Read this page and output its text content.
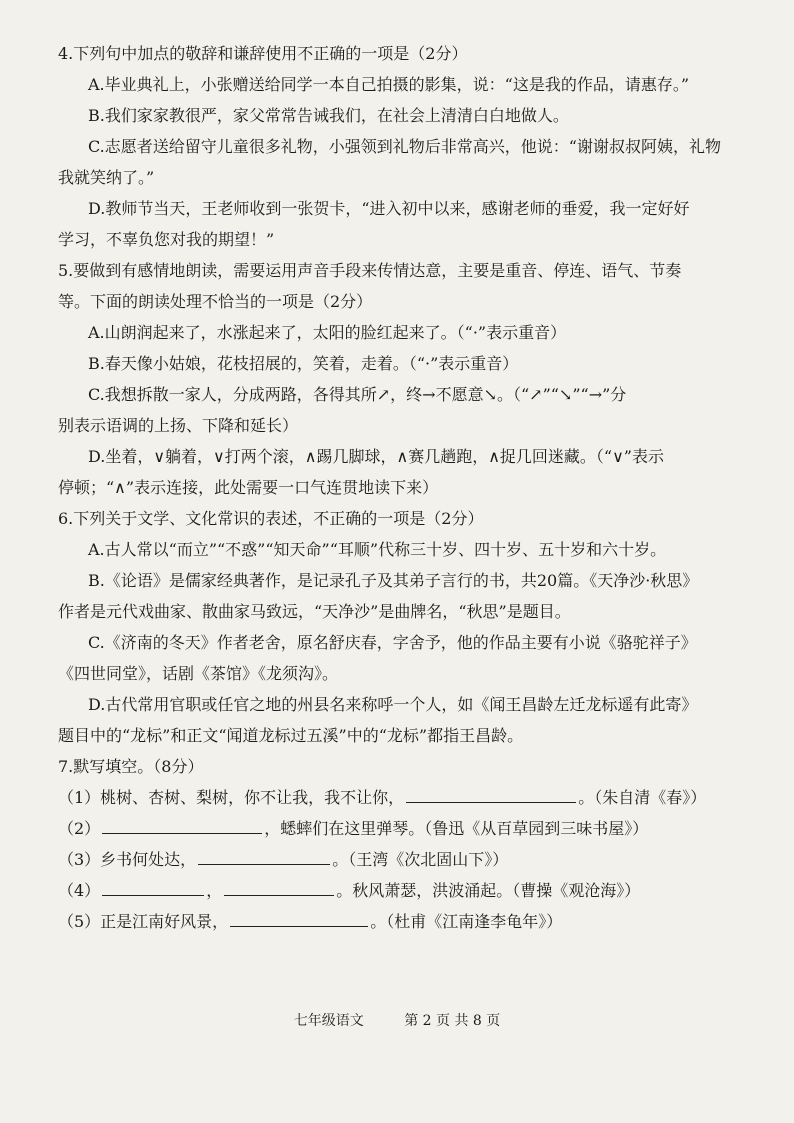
4.下列句中加点的敬辞和谦辞使用不正确的一项是（2分）
A.毕业典礼上，小张赠送给同学一本自己拍摄的影集，说：“这是我的作品，请惠存。”
B.我们家家教很严，家父常常告诫我们，在社会上清清白白地做人。
C.志愿者送给留守儿童很多礼物，小强领到礼物后非常高兴，他说：“谢谢叔叔阿姨，礼物
我就笑纳了。”
D.教师节当天，王老师收到一张贺卡，“进入初中以来，感谢老师的垂爱，我一定好好
学习，不辜负您对我的期望！”
5.要做到有感情地朗读，需要运用声音手段来传情达意，主要是重音、停连、语气、节奏
等。下面的朗读处理不恰当的一项是（2分）
A.山朗润起来了，水涨起来了，太阳的脸红起来了。（“·”表示重音）
B.春天像小姑娘，花枝招展的，笑着，走着。（“·”表示重音）
C.我想拆散一家人，分成两路，各得其所↗，终→不愿意↘。（“↗”“↘”“→”分
别表示语调的上扬、下降和延长）
D.坐着，∨躺着，∨打两个滚，∧踢几脚球，∧赛几趟跑，∧捉几回迷藏。（“∨”表示
停顿；“∧”表示连接，此处需要一口气连贯地读下来）
6.下列关于文学、文化常识的表述，不正确的一项是（2分）
A.古人常以“而立”“不惑”“知天命”“耳顺”代称三十岁、四十岁、五十岁和六十岁。
B.《论语》是儒家经典著作，是记录孔子及其弟子言行的书，共20篇。《天净沙·秋思》
作者是元代戏曲家、散曲家马致远，“天净沙”是曲牌名，“秋思”是题目。
C.《济南的冬天》作者老舍，原名舒庆春，字舍予，他的作品主要有小说《骆驼祥子》
《四世同堂》，话剧《茶馆》《龙须沟》。
D.古代常用官职或任官之地的州县名来称呼一个人，如《闻王昌龄左迁龙标遥有此寄》
题目中的“龙标”和正文“闻道龙标过五溪”中的“龙标”都指王昌龄。
7.默写填空。（8分）
（1）桃树、杏树、梨树，你不让我，我不让你，	。（朱自清《春》）
（2）	，蟋蟀们在这里弹琴。（鲁迅《从百草园到三味书屋》）
（3）乡书何处达，	。（王湾《次北固山下》）
（4）	，	。秋风萧瑟，洪波涌起。（曹操《观沧海》）
（5）正是江南好风景，	。（杜甫《江南逢李龟年》）
七年级语文	第 2 页 共 8 页
